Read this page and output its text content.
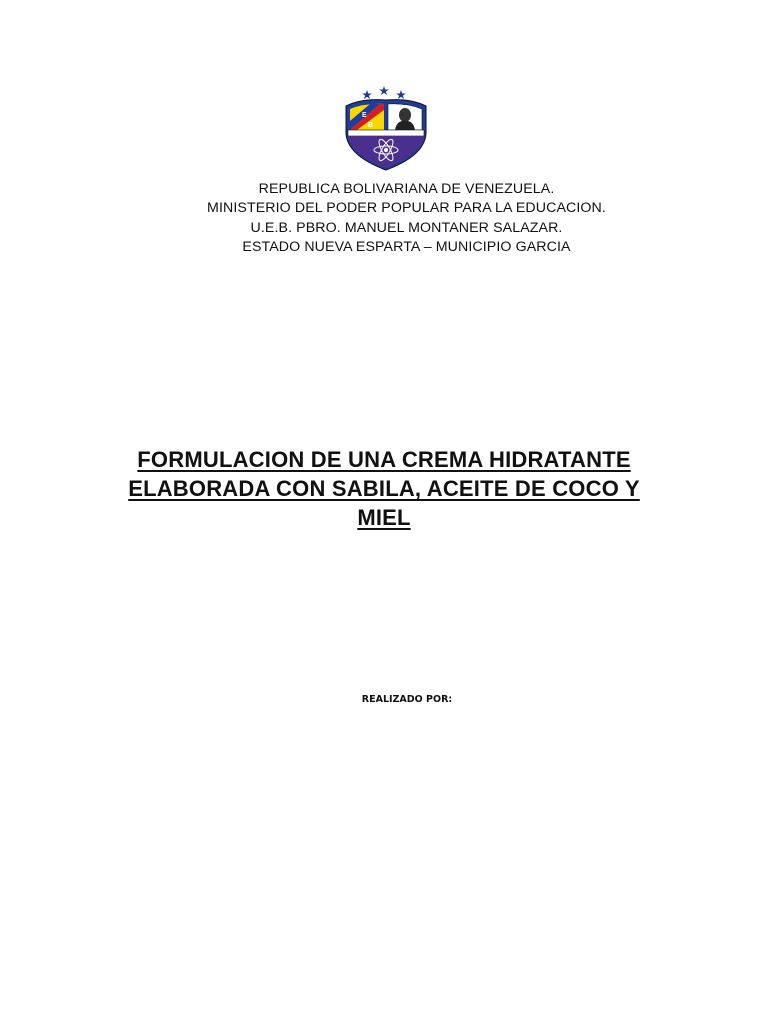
E
B
REPUBLICA BOLIVARIANA DE VENEZUELA.
MINISTERIO DEL PODER POPULAR PARA LA EDUCACION.
U.E.B. PBRO. MANUEL MONTANER SALAZAR.
ESTADO NUEVA ESPARTA – MUNICIPIO GARCIA
FORMULACION DE UNA CREMA HIDRATANTE
ELABORADA CON SABILA, ACEITE DE COCO Y
MIEL
REALIZADO POR:
